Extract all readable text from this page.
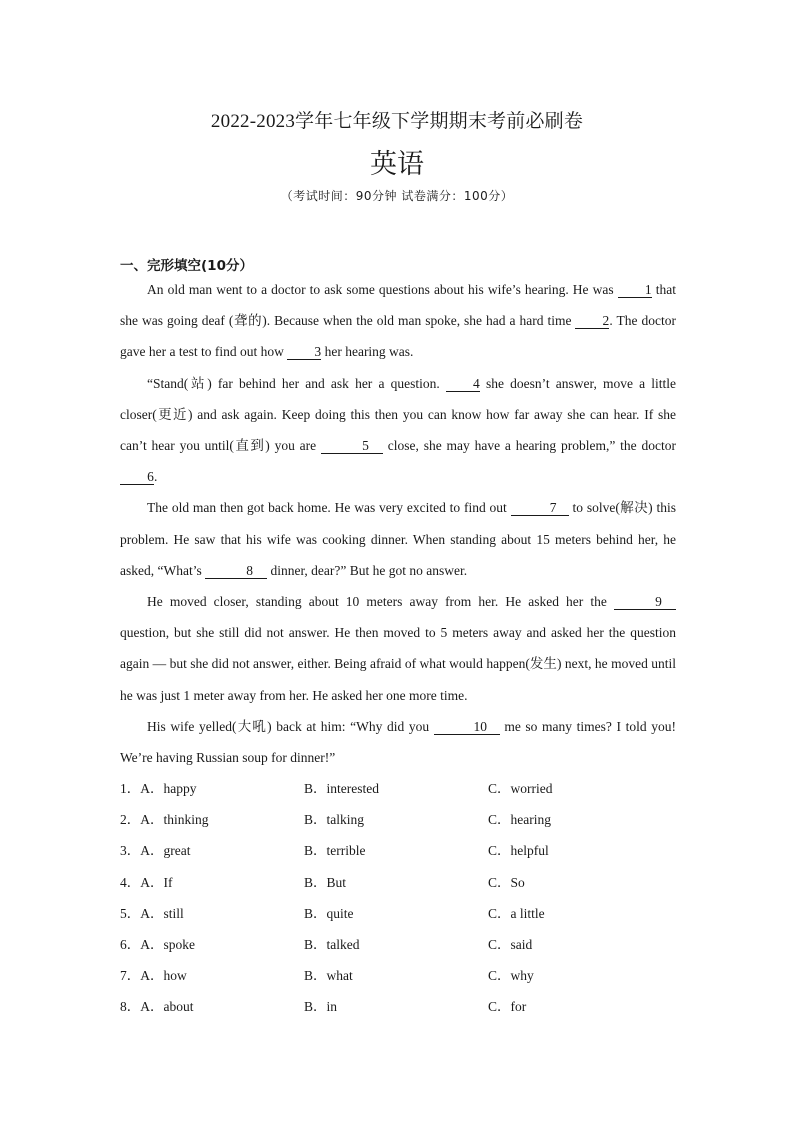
2022-2023学年七年级下学期期末考前必刷卷
英语
（考试时间：90分钟 试卷满分：100分）
一、完形填空(10分）

An old man went to a doctor to ask some questions about his wife’s hearing. He was 1 that she was going deaf (聋的). Because when the old man spoke, she had a hard time 2. The doctor gave her a test to find out how 3 her hearing was.

“Stand(站) far behind her and ask her a question. 4 she doesn’t answer, move a little closer(更近) and ask again. Keep doing this then you can know how far away she can hear. If she can’t hear you until(直到) you are	5 close, she may have a hearing problem,” the doctor 6.

The old man then got back home. He was very excited to find out	7 to solve(解决) this problem. He saw that his wife was cooking dinner. When standing about 15 meters behind her, he asked, “What’s	8 dinner, dear?” But he got no answer.

He moved closer, standing about 10 meters away from her. He asked her the	9 question, but she still did not answer. He then moved to 5 meters away and asked her the question again — but she did not answer, either. Being afraid of what would happen(发生) next, he moved until he was just 1 meter away from her. He asked her one more time.

His wife yelled(大吼) back at him: “Why did you	10 me so many times? I told you! We’re having Russian soup for dinner!”

1．A．happy	B．interested	C．worried
2．A．thinking	B．talking	C．hearing
3．A．great	B．terrible	C．helpful
4．A．If	B．But	C．So
5．A．still	B．quite	C．a little
6．A．spoke	B．talked	C．said
7．A．how	B．what	C．why
8．A．about	B．in	C．for
